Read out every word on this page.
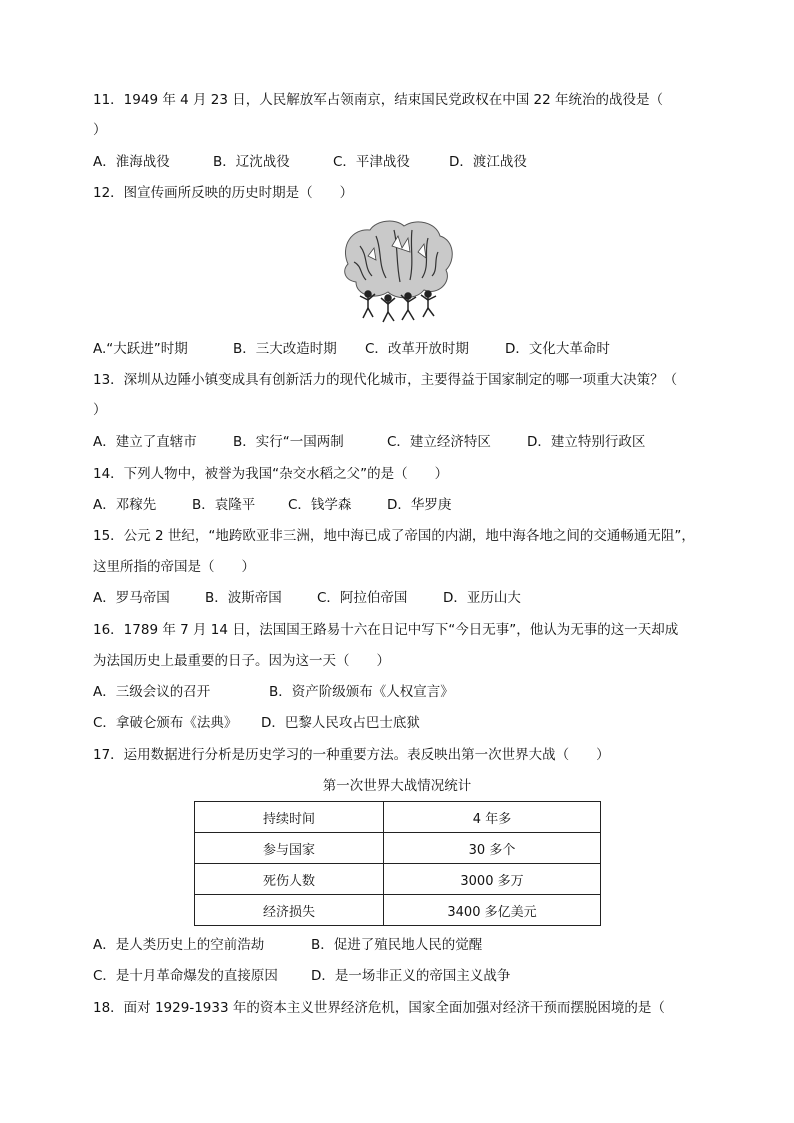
11．1949 年 4 月 23 日，人民解放军占领南京，结束国民党政权在中国 22 年统治的战役是（
）
A．淮海战役	B．辽沈战役	C．平津战役	D．渡江战役
12．图宣传画所反映的历史时期是（　　）
A.“大跃进”时期	B．三大改造时期 C．改革开放时期	D．文化大革命时
13．深圳从边陲小镇变成具有创新活力的现代化城市，主要得益于国家制定的哪一项重大决策？（
）
A．建立了直辖市	B．实行“一国两制	C．建立经济特区	D．建立特别行政区
14．下列人物中，被誉为我国“杂交水稻之父”的是（　　）
A．邓稼先	B．袁隆平 C．钱学森	D．华罗庚
15．公元 2 世纪，“地跨欧亚非三洲，地中海已成了帝国的内湖，地中海各地之间的交通畅通无阻”，
这里所指的帝国是（　　）
A．罗马帝国	B．波斯帝国	C．阿拉伯帝国	D．亚历山大
16．1789 年 7 月 14 日，法国国王路易十六在日记中写下“今日无事”，他认为无事的这一天却成
为法国历史上最重要的日子。因为这一天（　　）
A．三级会议的召开	B．资产阶级颁布《人权宣言》
C．拿破仑颁布《法典》 D．巴黎人民攻占巴士底狱
17．运用数据进行分析是历史学习的一种重要方法。表反映出第一次世界大战（　　）
第一次世界大战情况统计
持续时间	4 年多
参与国家	30 多个
死伤人数	3000 多万
经济损失	3400 多亿美元
A．是人类历史上的空前浩劫	B．促进了殖民地人民的觉醒
C．是十月革命爆发的直接原因 D．是一场非正义的帝国主义战争
18．面对 1929-1933 年的资本主义世界经济危机，国家全面加强对经济干预而摆脱困境的是（
